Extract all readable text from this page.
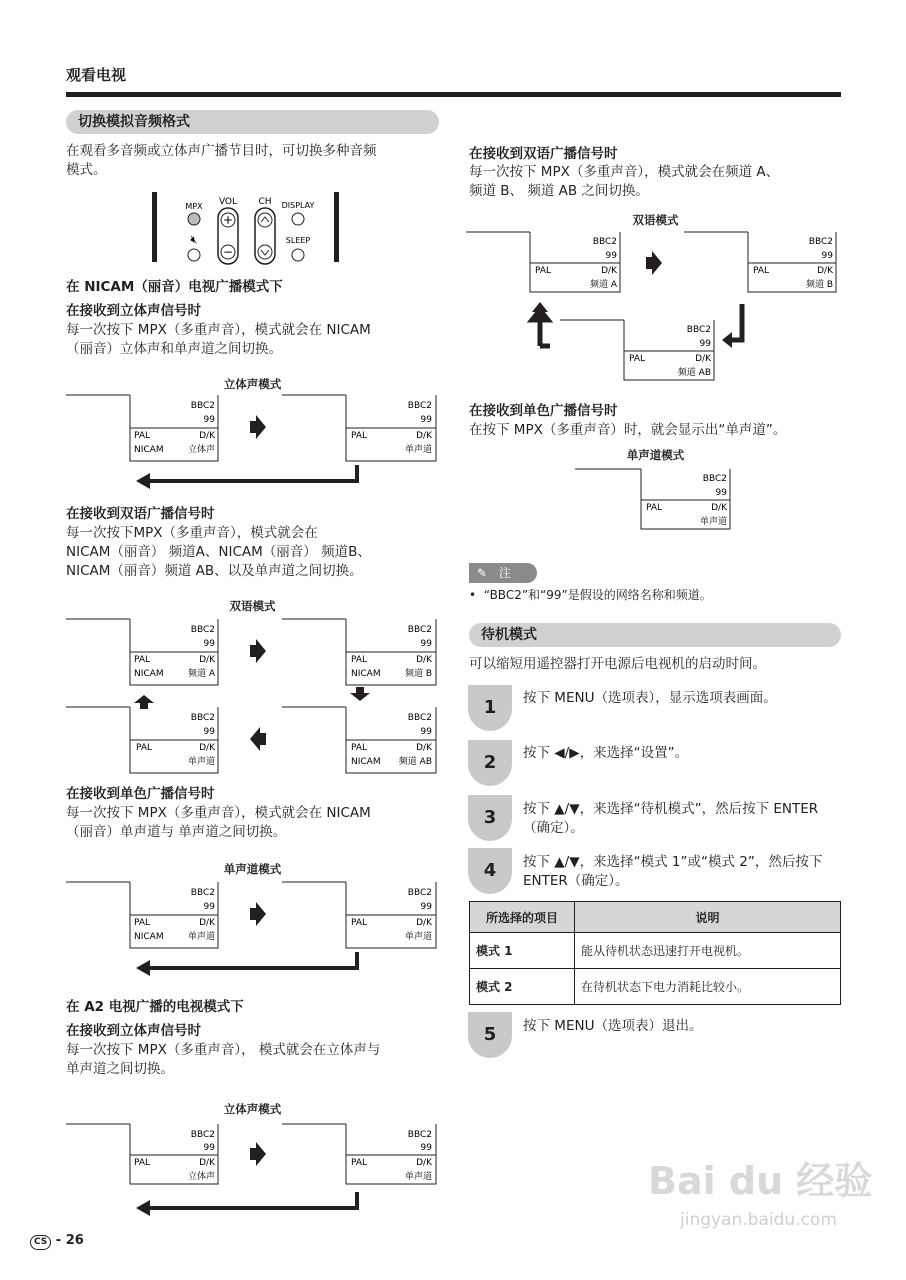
观看电视
切换模拟音频格式
在观看多音频或立体声广播节目时，可切换多种音频
模式。
MPX
🔇︎
VOL
+
−
CH DISPLAY
SLEEP
在 NICAM（丽音）电视广播模式下
在接收到立体声信号时
每一次按下 MPX（多重声音），模式就会在 NICAM
（丽音）立体声和单声道之间切换。
立体声模式
BBC2
99
PAL	D/K
NICAM	立体声
BBC2
99
PAL	D/K
单声道
在接收到双语广播信号时
每一次按下MPX（多重声音），模式就会在
NICAM（丽音） 频道A、NICAM（丽音） 频道B、
NICAM（丽音）频道 AB、以及单声道之间切换。
双语模式
BBC2
99
PAL	D/K
NICAM	频道 A
BBC2
99
PAL	D/K
NICAM	频道 B
BBC2
99
PAL	D/K
单声道
BBC2
99
PAL	D/K
NICAM 频道 AB
在接收到单色广播信号时
每一次按下 MPX（多重声音），模式就会在 NICAM
（丽音）单声道与 单声道之间切换。
单声道模式
BBC2
99
PAL	D/K
NICAM	单声道
BBC2
99
PAL	D/K
单声道
在 A2 电视广播的电视模式下
在接收到立体声信号时
每一次按下 MPX（多重声音）， 模式就会在立体声与
单声道之间切换。
立体声模式
BBC2
99
PAL	D/K
立体声
BBC2
99
PAL	D/K
单声道
CS - 26
在接收到双语广播信号时
每一次按下 MPX（多重声音），模式就会在频道 A、
频道 B、 频道 AB 之间切换。
双语模式
BBC2
99
PAL	D/K
频道 A
BBC2
99
PAL	D/K
频道 B
BBC2
99
PAL	D/K
频道 AB
在接收到单色广播信号时
在按下 MPX（多重声音）时，就会显示出“单声道”。
单声道模式
BBC2
99
PAL	D/K
单声道
✎ 注
•  “BBC2”和“99”是假设的网络名称和频道。
待机模式
可以缩短用遥控器打开电源后电视机的启动时间。
1	按下 MENU（选项表），显示选项表画面。
2	按下 ◀/▶，来选择“设置”。
3	按下 ▲/▼，来选择“待机模式”，然后按下 ENTER（确定）。
4	按下 ▲/▼，来选择“模式 1”或“模式 2”，然后按下 ENTER（确定）。
所选择的项目	说明
模式 1	能从待机状态迅速打开电视机。
模式 2	在待机状态下电力消耗比较小。
5	按下 MENU（选项表）退出。
Bai du 经验
jingyan.baidu.com
